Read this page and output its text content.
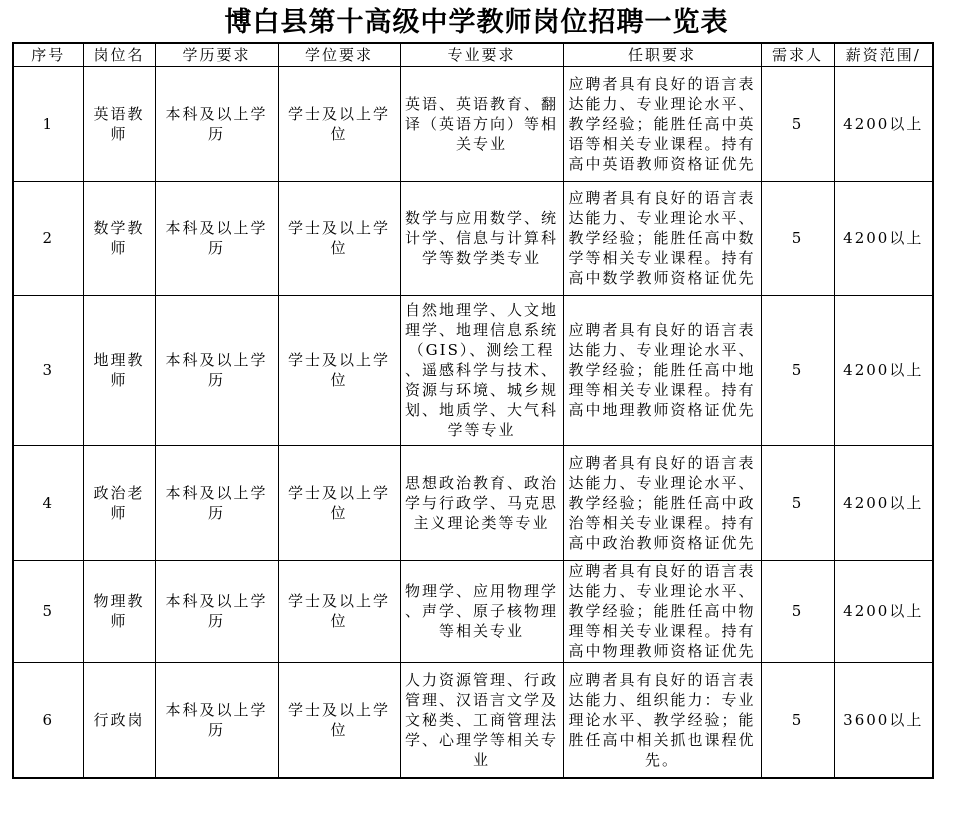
博白县第十高级中学教师岗位招聘一览表
序号	岗位名	学历要求	学位要求	专业要求	任职要求	需求人	薪资范围/
1	英语教师	本科及以上学历	学士及以上学位	英语、英语教育、翻译（英语方向）等相关专业	应聘者具有良好的语言表达能力、专业理论水平、教学经验；能胜任高中英语等相关专业课程。持有高中英语教师资格证优先	5	4200以上
2	数学教师	本科及以上学历	学士及以上学位	数学与应用数学、统计学、信息与计算科学等数学类专业	应聘者具有良好的语言表达能力、专业理论水平、教学经验；能胜任高中数学等相关专业课程。持有高中数学教师资格证优先	5	4200以上
3	地理教师	本科及以上学历	学士及以上学位	自然地理学、人文地理学、地理信息系统（GIS）、测绘工程、遥感科学与技术、资源与环境、城乡规划、地质学、大气科学等专业	应聘者具有良好的语言表达能力、专业理论水平、教学经验；能胜任高中地理等相关专业课程。持有高中地理教师资格证优先	5	4200以上
4	政治老师	本科及以上学历	学士及以上学位	思想政治教育、政治学与行政学、马克思主义理论类等专业	应聘者具有良好的语言表达能力、专业理论水平、教学经验；能胜任高中政治等相关专业课程。持有高中政治教师资格证优先	5	4200以上
5	物理教师	本科及以上学历	学士及以上学位	物理学、应用物理学、声学、原子核物理等相关专业	应聘者具有良好的语言表达能力、专业理论水平、教学经验；能胜任高中物理等相关专业课程。持有高中物理教师资格证优先	5	4200以上
6	行政岗	本科及以上学历	学士及以上学位	人力资源管理、行政管理、汉语言文学及文秘类、工商管理法学、心理学等相关专业	应聘者具有良好的语言表达能力、组织能力：专业理论水平、教学经验；能胜任高中相关抓也课程优先。	5	3600以上
